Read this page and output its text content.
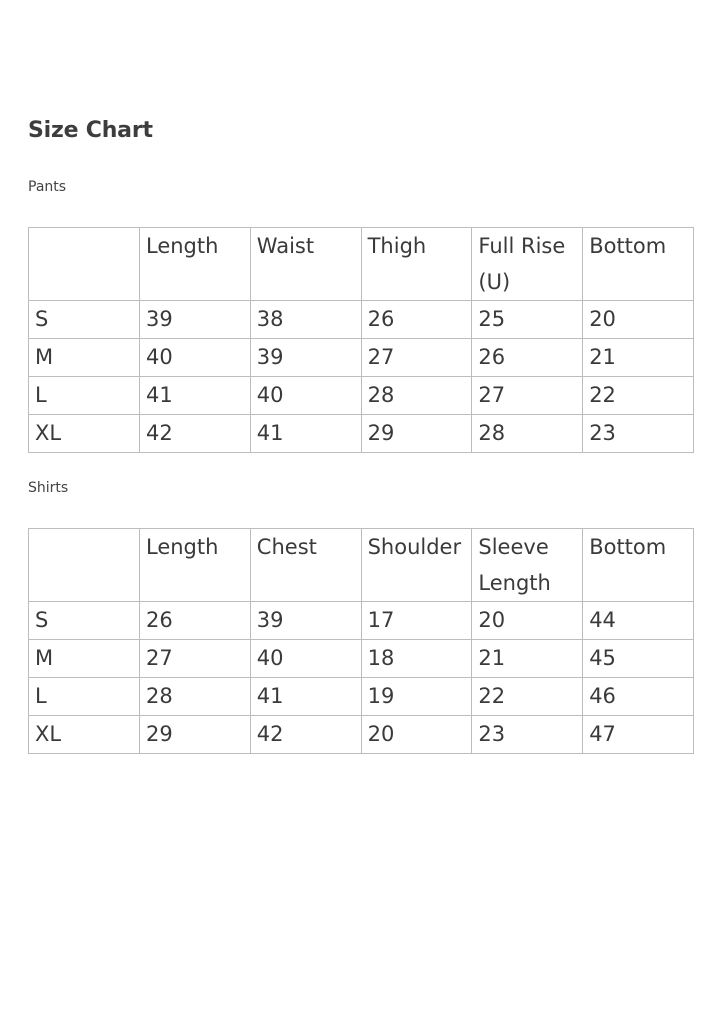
Size Chart

Pants

	Length	Waist	Thigh	Full Rise (U)	Bottom
S	39	38	26	25	20
M	40	39	27	26	21
L	41	40	28	27	22
XL	42	41	29	28	23

Shirts

	Length	Chest	Shoulder	Sleeve Length	Bottom
S	26	39	17	20	44
M	27	40	18	21	45
L	28	41	19	22	46
XL	29	42	20	23	47
